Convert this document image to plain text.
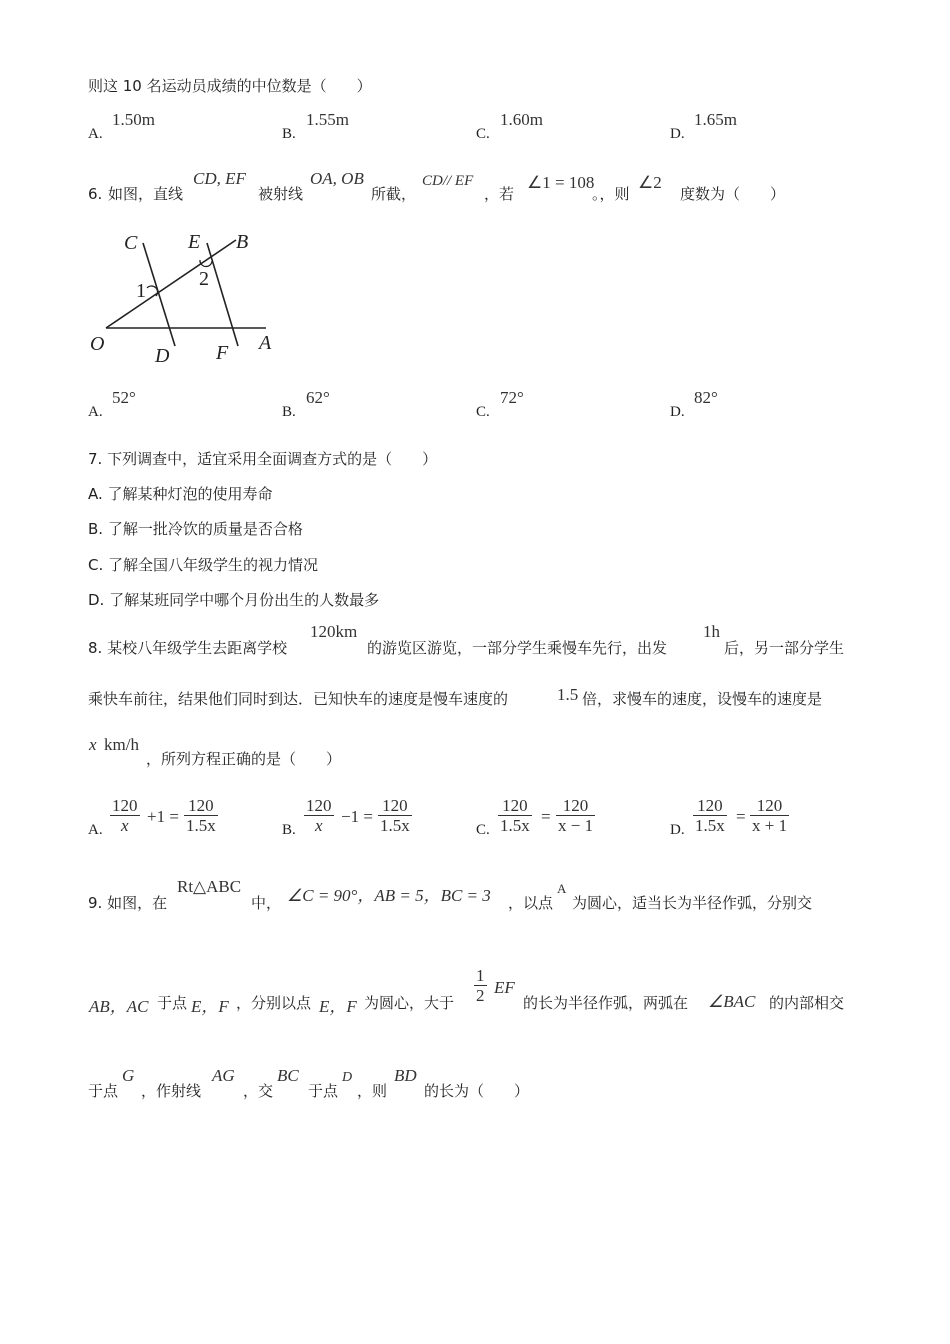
则这 10 名运动员成绩的中位数是（　　）
A.
1.50m
B.
1.55m
C.
1.60m
D.
1.65m
6. 如图，直线
CD, EF
被射线
OA, OB
所截，
CD// EF
，若
∠1 = 108
。，则
∠2
度数为（　　）
C	E B
1
2
O
D F A
A.
52°
B.
62°
C.
72°
D.
82°
7. 下列调查中，适宜采用全面调查方式的是（　　）
A. 了解某种灯泡的使用寿命
B. 了解一批冷饮的质量是否合格
C. 了解全国八年级学生的视力情况
D. 了解某班同学中哪个月份出生的人数最多
8. 某校八年级学生去距离学校
120km
的游览区游览，一部分学生乘慢车先行，出发
1h
后，另一部分学生
乘快车前往，结果他们同时到达．已知快车的速度是慢车速度的	1.5 倍，求慢车的速度，设慢车的速度是
x km/h
，所列方程正确的是（　　）
A.
120
x +1 =
120
1.5x	B.
120
x −1 =
120
1.5x	C.
120
1.5x =
120
x − 1	D.
120
1.5x =
120
x + 1
9. 如图，在
Rt△ABC
中， ∠C = 90°，AB = 5，BC = 3 ，以点
A
为圆心，适当长为半径作弧，分别交
AB，AC 于点 E，F ，分别以点 E，F 为圆心，大于
1
2 EF
的长为半径作弧，两弧在 ∠BAC 的内部相交
于点
G
，作射线
AG
，交
BC
于点
D
，则
BD
的长为（　　）
